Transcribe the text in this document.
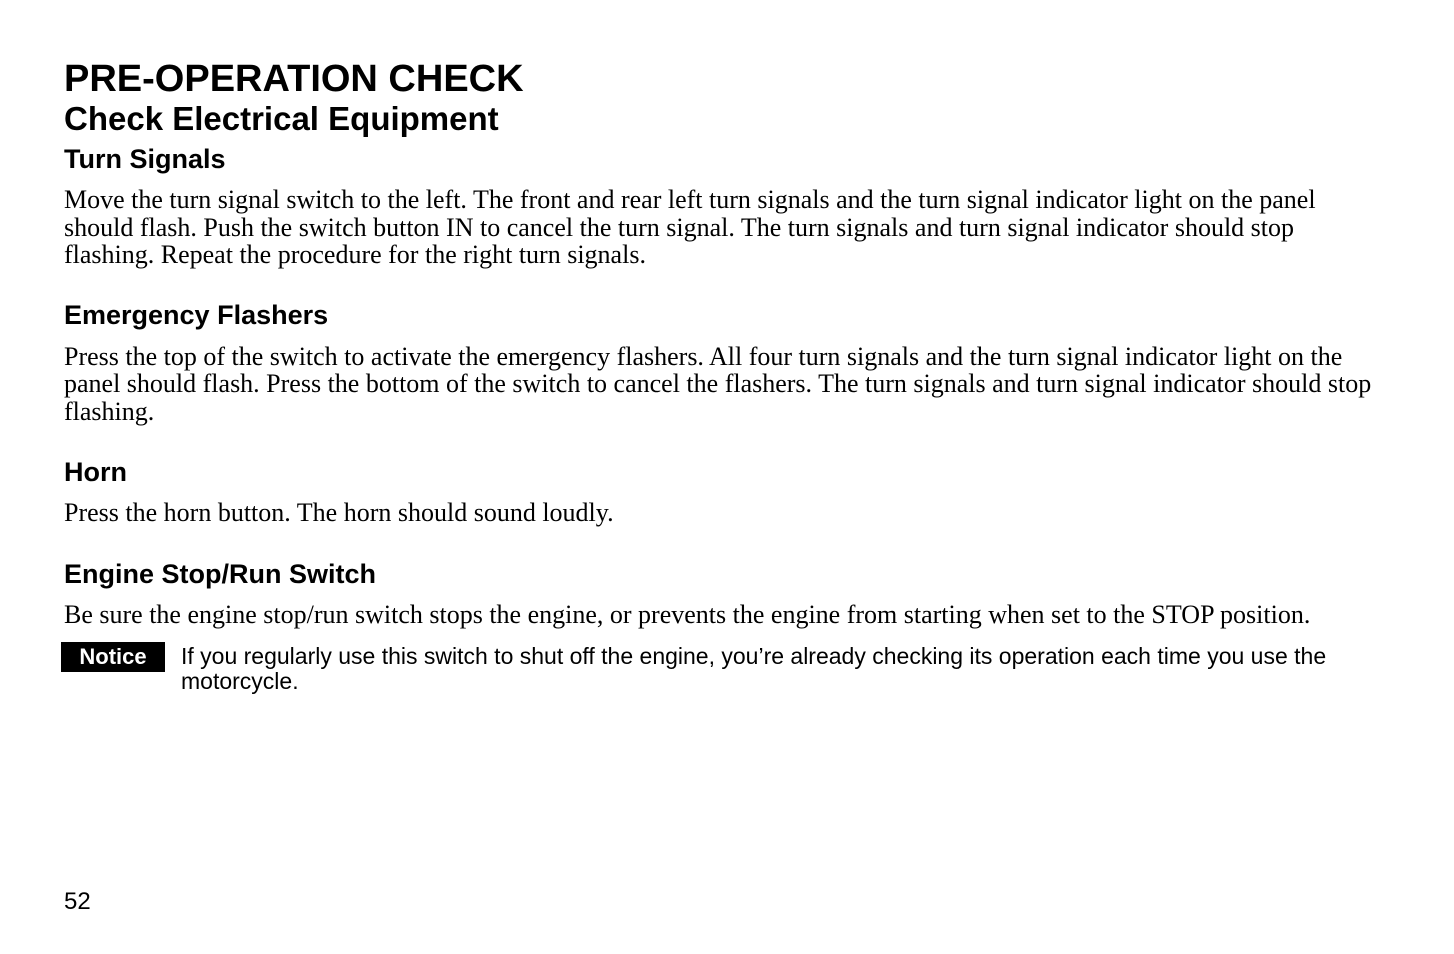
PRE-OPERATION CHECK
Check Electrical Equipment
Turn Signals

Move the turn signal switch to the left. The front and rear left turn signals and the turn signal indicator light on the panel should flash. Push the switch button IN to cancel the turn signal. The turn signals and turn signal indicator should stop flashing. Repeat the procedure for the right turn signals.

Emergency Flashers

Press the top of the switch to activate the emergency flashers. All four turn signals and the turn signal indicator light on the panel should flash. Press the bottom of the switch to cancel the flashers. The turn signals and turn signal indicator should stop flashing.

Horn

Press the horn button. The horn should sound loudly.

Engine Stop/Run Switch

Be sure the engine stop/run switch stops the engine, or prevents the engine from starting when set to the STOP position.

Notice	If you regularly use this switch to shut off the engine, you’re already checking its operation each time you use the motorcycle.
52
